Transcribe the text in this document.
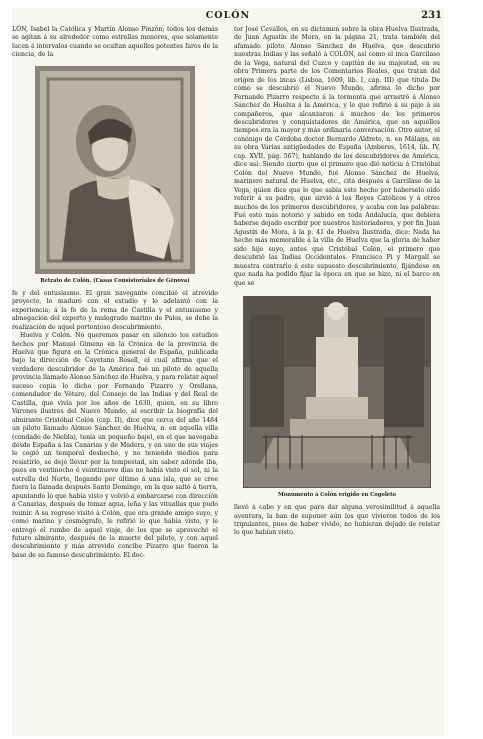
COLÓN	231

LÓN, Isabel la Católica y Martín Alonso Pinzón; todos los demás se agitan á su alrededor como estrellas menores, que solamente lucen á intervalos cuando se ocultan aquellos potentes faros de la ciencia, de la

Retrato de Colón. (Casas Consistoriales de Génova)

fe y del entusiasmo. El gran navegante concibió el atrevido proyecto, lo maduró con el estudio y lo adelantó con la experiencia; á la fe de la reina de Castilla y el entusiasmo y abnegación del experto y malogrado marino de Palos, se debe la realización de aquel portentoso descubrimiento.

Huelva y Colón. No queremos pasar en silencio los estudios hechos por Manuel Gimeno en la Crónica de la provincia de Huelva que figura en la Crónica general de España, publicada bajo la dirección de Cayetano Rosell, el cual afirma que el verdadero descubridor de la América fué un piloto de aquella provincia llamado Alonso Sánchez de Huelva, y para relatar aquel suceso copia lo dicho por Fernando Pizarro y Orellana, comendador de Vétaro, del Consejo de las Indias y del Real de Castilla, que vivía por los años de 1630, quien, en su libro Varones ilustres del Nuevo Mundo, al escribir la biografía del almirante Cristóbal Colón (cap. II), dice que cerca del año 1484 un piloto llamado Alonso Sánchez de Huelva, n. en aquella villa (condado de Niebla), tenía un pequeño bajel, en el que navegaba desde España á las Canarias y de Madera, y en uno de sus viajes le cogió un temporal deshecho, y no teniendo medios para resistirlo, se dejó llevar por la tempestad, sin saber adónde iba, pues en ventinocho ó veintinueve días no había visto el sol, ni la estrella del Norte, llegando por último á una isla, que se cree fuera la llamada después Santo Domingo, en la que saltó á tierra, apuntando lo que había visto y volvió á embarcarse con dirección á Canarias, después de tomar agua, leña y las vituallas que pudo reunir. A su regreso visitó á Colón, que era grande amigo suyo, y como marino y cosmógrafo, le refirió lo que había visto, y le entregó el rumbo de aquel viaje, de los que se aprovechó el futuro almirante, después de la muerte del piloto, y con aquel descubrimiento y más atrevido concibe Pizarro que fueron la base de su famoso descubrimiento. El doc-

tor José Cevallos, en su dictamen sobre la obra Huelva Ilustrada, de Juan Agustín de Mora, en la página 21, trata también del afamado piloto Alonso Sánchez de Huelva, que descubrió nuestras Indias y las señaló á COLÓN, así como el inca Garcilaso de la Vega, natural del Cuzco y capitán de su majestad, en su obra Primera parte de los Comentarios Reales, que tratan del origen de los incas (Lisboa, 1609, lib. I, cap. III) que titula De cómo se descubrió el Nuevo Mundo, afirma lo dicho por Fernando Pizarro respecto á la tormenta que arrastró á Alonso Sánchez de Huelva á la América, y lo que refirió á su paje á su compañeros, que alcanzaron á muchos de los primeros descubridores y conquistadores de América, que en aquellos tiempos era la mayor y más ordinaria conversación. Otro autor, el canónigo de Córdoba doctor Bernardo Aldrete, n. en Málaga, en su obra Varias antigüedades de España (Amberes, 1614, lib. IV, cap. XVII, pág. 567), hablando de los descubridores de América, dice así: Siendo cierto que el primero que dió noticia á Cristóbal Colón del Nuevo Mundo, fué Alonso Sánchez de Huelva, marinero natural de Huelva, etc., cita después á Garcilaso de la Vega, quien dice que lo que sabía este hecho por haberselo oído referir á su padre, que sirvió á los Reyes Católicos y á otros muchos de los primeros descubridores, y acaba con las palabras: Fué esto más notorio y sabido en toda Andalucía, que debiera haberse dejado escribir por nuestros historiadores, y por fin Juan Agustín de Mora, á la p. 41 de Huelva Ilustrada, dice: Nada ha hecho más memorable á la villa de Huelva que la gloria de haber sido hijo suyo, antes que Cristóbal Colón, el primero que descubrió las Indias Occidentales. Francisco Pi y Margall se muestra contrario á este supuesto descubrimiento, fijándose en que nada ha podido fijar la época en que se hizo, ni el barco en que se

Monumento á Colón erigido en Cogoleto

llevó á cabo y en que para dar alguna verosimilitud á aquella aventura, la han de suponer aún los que vivieron todos de los tripulantes, pues de haber vivido, no hubieran dejado de relatar lo que habían visto.
